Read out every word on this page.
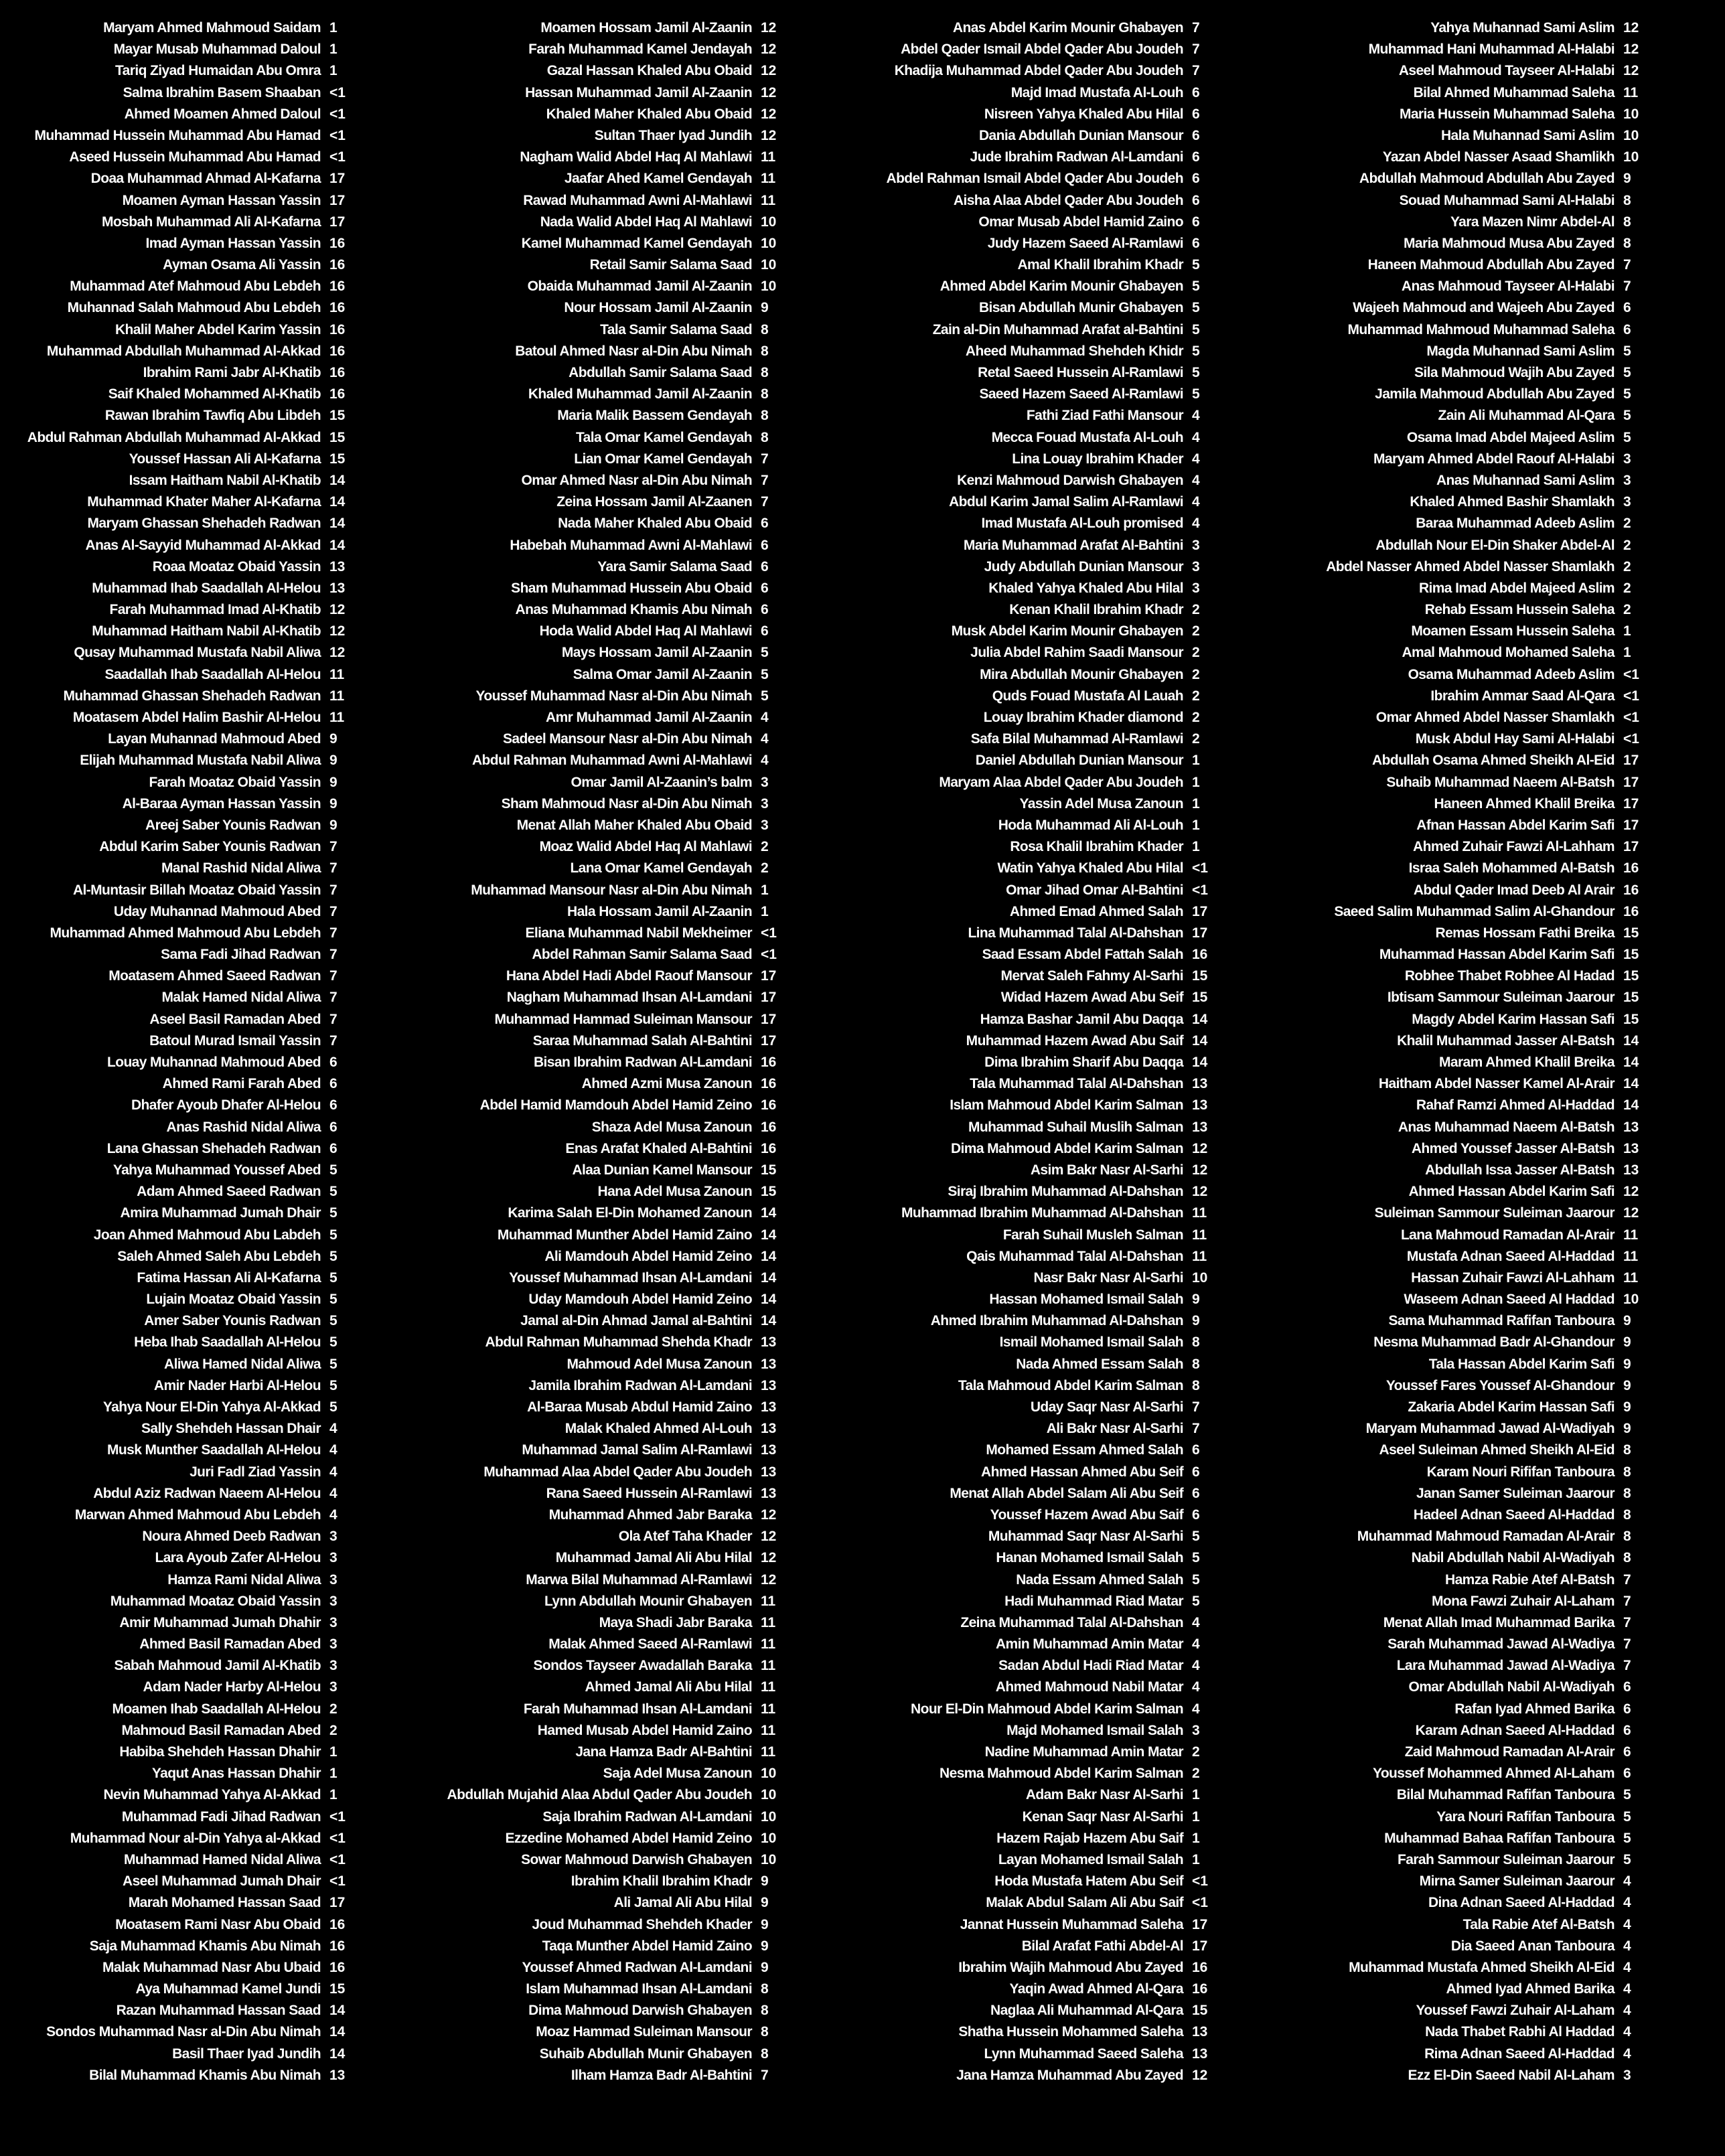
Maryam Ahmed Mahmoud Saidam 1
Mayar Musab Muhammad Daloul 1
Tariq Ziyad Humaidan Abu Omra 1
Salma Ibrahim Basem Shaaban <1
Ahmed Moamen Ahmed Daloul <1
Muhammad Hussein Muhammad Abu Hamad <1
Aseed Hussein Muhammad Abu Hamad <1
Doaa Muhammad Ahmad Al-Kafarna 17
Moamen Ayman Hassan Yassin 17
Mosbah Muhammad Ali Al-Kafarna 17
Imad Ayman Hassan Yassin 16
Ayman Osama Ali Yassin 16
Muhammad Atef Mahmoud Abu Lebdeh 16
Muhannad Salah Mahmoud Abu Lebdeh 16
Khalil Maher Abdel Karim Yassin 16
Muhammad Abdullah Muhammad Al-Akkad 16
Ibrahim Rami Jabr Al-Khatib 16
Saif Khaled Mohammed Al-Khatib 16
Rawan Ibrahim Tawfiq Abu Libdeh 15
Abdul Rahman Abdullah Muhammad Al-Akkad 15
Youssef Hassan Ali Al-Kafarna 15
Issam Haitham Nabil Al-Khatib 14
Muhammad Khater Maher Al-Kafarna 14
Maryam Ghassan Shehadeh Radwan 14
Anas Al-Sayyid Muhammad Al-Akkad 14
Roaa Moataz Obaid Yassin 13
Muhammad Ihab Saadallah Al-Helou 13
Farah Muhammad Imad Al-Khatib 12
Muhammad Haitham Nabil Al-Khatib 12
Qusay Muhammad Mustafa Nabil Aliwa 12
Saadallah Ihab Saadallah Al-Helou 11
Muhammad Ghassan Shehadeh Radwan 11
Moatasem Abdel Halim Bashir Al-Helou 11
Layan Muhannad Mahmoud Abed 9
Elijah Muhammad Mustafa Nabil Aliwa 9
Farah Moataz Obaid Yassin 9
Al-Baraa Ayman Hassan Yassin 9
Areej Saber Younis Radwan 9
Abdul Karim Saber Younis Radwan 7
Manal Rashid Nidal Aliwa 7
Al-Muntasir Billah Moataz Obaid Yassin 7
Uday Muhannad Mahmoud Abed 7
Muhammad Ahmed Mahmoud Abu Lebdeh 7
Sama Fadi Jihad Radwan 7
Moatasem Ahmed Saeed Radwan 7
Malak Hamed Nidal Aliwa 7
Aseel Basil Ramadan Abed 7
Batoul Murad Ismail Yassin 7
Louay Muhannad Mahmoud Abed 6
Ahmed Rami Farah Abed 6
Dhafer Ayoub Dhafer Al-Helou 6
Anas Rashid Nidal Aliwa 6
Lana Ghassan Shehadeh Radwan 6
Yahya Muhammad Youssef Abed 5
Adam Ahmed Saeed Radwan 5
Amira Muhammad Jumah Dhair 5
Joan Ahmed Mahmoud Abu Labdeh 5
Saleh Ahmed Saleh Abu Lebdeh 5
Fatima Hassan Ali Al-Kafarna 5
Lujain Moataz Obaid Yassin 5
Amer Saber Younis Radwan 5
Heba Ihab Saadallah Al-Helou 5
Aliwa Hamed Nidal Aliwa 5
Amir Nader Harbi Al-Helou 5
Yahya Nour El-Din Yahya Al-Akkad 5
Sally Shehdeh Hassan Dhair 4
Musk Munther Saadallah Al-Helou 4
Juri Fadl Ziad Yassin 4
Abdul Aziz Radwan Naeem Al-Helou 4
Marwan Ahmed Mahmoud Abu Lebdeh 4
Noura Ahmed Deeb Radwan 3
Lara Ayoub Zafer Al-Helou 3
Hamza Rami Nidal Aliwa 3
Muhammad Moataz Obaid Yassin 3
Amir Muhammad Jumah Dhahir 3
Ahmed Basil Ramadan Abed 3
Sabah Mahmoud Jamil Al-Khatib 3
Adam Nader Harby Al-Helou 3
Moamen Ihab Saadallah Al-Helou 2
Mahmoud Basil Ramadan Abed 2
Habiba Shehdeh Hassan Dhahir 1
Yaqut Anas Hassan Dhahir 1
Nevin Muhammad Yahya Al-Akkad 1
Muhammad Fadi Jihad Radwan <1
Muhammad Nour al-Din Yahya al-Akkad <1
Muhammad Hamed Nidal Aliwa <1
Aseel Muhammad Jumah Dhair <1
Marah Mohamed Hassan Saad 17
Moatasem Rami Nasr Abu Obaid 16
Saja Muhammad Khamis Abu Nimah 16
Malak Muhammad Nasr Abu Ubaid 16
Aya Muhammad Kamel Jundi 15
Razan Muhammad Hassan Saad 14
Sondos Muhammad Nasr al-Din Abu Nimah 14
Basil Thaer Iyad Jundih 14
Bilal Muhammad Khamis Abu Nimah 13
Moamen Hossam Jamil Al-Zaanin 12
Farah Muhammad Kamel Jendayah 12
Gazal Hassan Khaled Abu Obaid 12
Hassan Muhammad Jamil Al-Zaanin 12
Khaled Maher Khaled Abu Obaid 12
Sultan Thaer Iyad Jundih 12
Nagham Walid Abdel Haq Al Mahlawi 11
Jaafar Ahed Kamel Gendayah 11
Rawad Muhammad Awni Al-Mahlawi 11
Nada Walid Abdel Haq Al Mahlawi 10
Kamel Muhammad Kamel Gendayah 10
Retail Samir Salama Saad 10
Obaida Muhammad Jamil Al-Zaanin 10
Nour Hossam Jamil Al-Zaanin 9
Tala Samir Salama Saad 8
Batoul Ahmed Nasr al-Din Abu Nimah 8
Abdullah Samir Salama Saad 8
Khaled Muhammad Jamil Al-Zaanin 8
Maria Malik Bassem Gendayah 8
Tala Omar Kamel Gendayah 8
Lian Omar Kamel Gendayah 7
Omar Ahmed Nasr al-Din Abu Nimah 7
Zeina Hossam Jamil Al-Zaanen 7
Nada Maher Khaled Abu Obaid 6
Habebah Muhammad Awni Al-Mahlawi 6
Yara Samir Salama Saad 6
Sham Muhammad Hussein Abu Obaid 6
Anas Muhammad Khamis Abu Nimah 6
Hoda Walid Abdel Haq Al Mahlawi 6
Mays Hossam Jamil Al-Zaanin 5
Salma Omar Jamil Al-Zaanin 5
Youssef Muhammad Nasr al-Din Abu Nimah 5
Amr Muhammad Jamil Al-Zaanin 4
Sadeel Mansour Nasr al-Din Abu Nimah 4
Abdul Rahman Muhammad Awni Al-Mahlawi 4
Omar Jamil Al-Zaanin’s balm 3
Sham Mahmoud Nasr al-Din Abu Nimah 3
Menat Allah Maher Khaled Abu Obaid 3
Moaz Walid Abdel Haq Al Mahlawi 2
Lana Omar Kamel Gendayah 2
Muhammad Mansour Nasr al-Din Abu Nimah 1
Hala Hossam Jamil Al-Zaanin 1
Eliana Muhammad Nabil Mekheimer <1
Abdel Rahman Samir Salama Saad <1
Hana Abdel Hadi Abdel Raouf Mansour 17
Nagham Muhammad Ihsan Al-Lamdani 17
Muhammad Hammad Suleiman Mansour 17
Saraa Muhammad Salah Al-Bahtini 17
Bisan Ibrahim Radwan Al-Lamdani 16
Ahmed Azmi Musa Zanoun 16
Abdel Hamid Mamdouh Abdel Hamid Zeino 16
Shaza Adel Musa Zanoun 16
Enas Arafat Khaled Al-Bahtini 16
Alaa Dunian Kamel Mansour 15
Hana Adel Musa Zanoun 15
Karima Salah El-Din Mohamed Zanoun 14
Muhammad Munther Abdel Hamid Zaino 14
Ali Mamdouh Abdel Hamid Zeino 14
Youssef Muhammad Ihsan Al-Lamdani 14
Uday Mamdouh Abdel Hamid Zeino 14
Jamal al-Din Ahmad Jamal al-Bahtini 14
Abdul Rahman Muhammad Shehda Khadr 13
Mahmoud Adel Musa Zanoun 13
Jamila Ibrahim Radwan Al-Lamdani 13
Al-Baraa Musab Abdul Hamid Zaino 13
Malak Khaled Ahmed Al-Louh 13
Muhammad Jamal Salim Al-Ramlawi 13
Muhammad Alaa Abdel Qader Abu Joudeh 13
Rana Saeed Hussein Al-Ramlawi 13
Muhammad Ahmed Jabr Baraka 12
Ola Atef Taha Khader 12
Muhammad Jamal Ali Abu Hilal 12
Marwa Bilal Muhammad Al-Ramlawi 12
Lynn Abdullah Mounir Ghabayen 11
Maya Shadi Jabr Baraka 11
Malak Ahmed Saeed Al-Ramlawi 11
Sondos Tayseer Awadallah Baraka 11
Ahmed Jamal Ali Abu Hilal 11
Farah Muhammad Ihsan Al-Lamdani 11
Hamed Musab Abdel Hamid Zaino 11
Jana Hamza Badr Al-Bahtini 11
Saja Adel Musa Zanoun 10
Abdullah Mujahid Alaa Abdul Qader Abu Joudeh 10
Saja Ibrahim Radwan Al-Lamdani 10
Ezzedine Mohamed Abdel Hamid Zeino 10
Sowar Mahmoud Darwish Ghabayen 10
Ibrahim Khalil Ibrahim Khadr 9
Ali Jamal Ali Abu Hilal 9
Joud Muhammad Shehdeh Khader 9
Taqa Munther Abdel Hamid Zaino 9
Youssef Ahmed Radwan Al-Lamdani 9
Islam Muhammad Ihsan Al-Lamdani 8
Dima Mahmoud Darwish Ghabayen 8
Moaz Hammad Suleiman Mansour 8
Suhaib Abdullah Munir Ghabayen 8
Ilham Hamza Badr Al-Bahtini 7
Anas Abdel Karim Mounir Ghabayen 7
Abdel Qader Ismail Abdel Qader Abu Joudeh 7
Khadija Muhammad Abdel Qader Abu Joudeh 7
Majd Imad Mustafa Al-Louh 6
Nisreen Yahya Khaled Abu Hilal 6
Dania Abdullah Dunian Mansour 6
Jude Ibrahim Radwan Al-Lamdani 6
Abdel Rahman Ismail Abdel Qader Abu Joudeh 6
Aisha Alaa Abdel Qader Abu Joudeh 6
Omar Musab Abdel Hamid Zaino 6
Judy Hazem Saeed Al-Ramlawi 6
Amal Khalil Ibrahim Khadr 5
Ahmed Abdel Karim Mounir Ghabayen 5
Bisan Abdullah Munir Ghabayen 5
Zain al-Din Muhammad Arafat al-Bahtini 5
Aheed Muhammad Shehdeh Khidr 5
Retal Saeed Hussein Al-Ramlawi 5
Saeed Hazem Saeed Al-Ramlawi 5
Fathi Ziad Fathi Mansour 4
Mecca Fouad Mustafa Al-Louh 4
Lina Louay Ibrahim Khader 4
Kenzi Mahmoud Darwish Ghabayen 4
Abdul Karim Jamal Salim Al-Ramlawi 4
Imad Mustafa Al-Louh promised 4
Maria Muhammad Arafat Al-Bahtini 3
Judy Abdullah Dunian Mansour 3
Khaled Yahya Khaled Abu Hilal 3
Kenan Khalil Ibrahim Khadr 2
Musk Abdel Karim Mounir Ghabayen 2
Julia Abdel Rahim Saadi Mansour 2
Mira Abdullah Mounir Ghabayen 2
Quds Fouad Mustafa Al Lauah 2
Louay Ibrahim Khader diamond 2
Safa Bilal Muhammad Al-Ramlawi 2
Daniel Abdullah Dunian Mansour 1
Maryam Alaa Abdel Qader Abu Joudeh 1
Yassin Adel Musa Zanoun 1
Hoda Muhammad Ali Al-Louh 1
Rosa Khalil Ibrahim Khader 1
Watin Yahya Khaled Abu Hilal <1
Omar Jihad Omar Al-Bahtini <1
Ahmed Emad Ahmed Salah 17
Lina Muhammad Talal Al-Dahshan 17
Saad Essam Abdel Fattah Salah 16
Mervat Saleh Fahmy Al-Sarhi 15
Widad Hazem Awad Abu Seif 15
Hamza Bashar Jamil Abu Daqqa 14
Muhammad Hazem Awad Abu Saif 14
Dima Ibrahim Sharif Abu Daqqa 14
Tala Muhammad Talal Al-Dahshan 13
Islam Mahmoud Abdel Karim Salman 13
Muhammad Suhail Muslih Salman 13
Dima Mahmoud Abdel Karim Salman 12
Asim Bakr Nasr Al-Sarhi 12
Siraj Ibrahim Muhammad Al-Dahshan 12
Muhammad Ibrahim Muhammad Al-Dahshan 11
Farah Suhail Musleh Salman 11
Qais Muhammad Talal Al-Dahshan 11
Nasr Bakr Nasr Al-Sarhi 10
Hassan Mohamed Ismail Salah 9
Ahmed Ibrahim Muhammad Al-Dahshan 9
Ismail Mohamed Ismail Salah 8
Nada Ahmed Essam Salah 8
Tala Mahmoud Abdel Karim Salman 8
Uday Saqr Nasr Al-Sarhi 7
Ali Bakr Nasr Al-Sarhi 7
Mohamed Essam Ahmed Salah 6
Ahmed Hassan Ahmed Abu Seif 6
Menat Allah Abdel Salam Ali Abu Seif 6
Youssef Hazem Awad Abu Saif 6
Muhammad Saqr Nasr Al-Sarhi 5
Hanan Mohamed Ismail Salah 5
Nada Essam Ahmed Salah 5
Hadi Muhammad Riad Matar 5
Zeina Muhammad Talal Al-Dahshan 4
Amin Muhammad Amin Matar 4
Sadan Abdul Hadi Riad Matar 4
Ahmed Mahmoud Nabil Matar 4
Nour El-Din Mahmoud Abdel Karim Salman 4
Majd Mohamed Ismail Salah 3
Nadine Muhammad Amin Matar 2
Nesma Mahmoud Abdel Karim Salman 2
Adam Bakr Nasr Al-Sarhi 1
Kenan Saqr Nasr Al-Sarhi 1
Hazem Rajab Hazem Abu Saif 1
Layan Mohamed Ismail Salah 1
Hoda Mustafa Hatem Abu Seif <1
Malak Abdul Salam Ali Abu Saif <1
Jannat Hussein Muhammad Saleha 17
Bilal Arafat Fathi Abdel-Al 17
Ibrahim Wajih Mahmoud Abu Zayed 16
Yaqin Awad Ahmed Al-Qara 16
Naglaa Ali Muhammad Al-Qara 15
Shatha Hussein Mohammed Saleha 13
Lynn Muhammad Saeed Saleha 13
Jana Hamza Muhammad Abu Zayed 12
Yahya Muhannad Sami Aslim 12
Muhammad Hani Muhammad Al-Halabi 12
Aseel Mahmoud Tayseer Al-Halabi 12
Bilal Ahmed Muhammad Saleha 11
Maria Hussein Muhammad Saleha 10
Hala Muhannad Sami Aslim 10
Yazan Abdel Nasser Asaad Shamlikh 10
Abdullah Mahmoud Abdullah Abu Zayed 9
Souad Muhammad Sami Al-Halabi 8
Yara Mazen Nimr Abdel-Al 8
Maria Mahmoud Musa Abu Zayed 8
Haneen Mahmoud Abdullah Abu Zayed 7
Anas Mahmoud Tayseer Al-Halabi 7
Wajeeh Mahmoud and Wajeeh Abu Zayed 6
Muhammad Mahmoud Muhammad Saleha 6
Magda Muhannad Sami Aslim 5
Sila Mahmoud Wajih Abu Zayed 5
Jamila Mahmoud Abdullah Abu Zayed 5
Zain Ali Muhammad Al-Qara 5
Osama Imad Abdel Majeed Aslim 5
Maryam Ahmed Abdel Raouf Al-Halabi 3
Anas Muhannad Sami Aslim 3
Khaled Ahmed Bashir Shamlakh 3
Baraa Muhammad Adeeb Aslim 2
Abdullah Nour El-Din Shaker Abdel-Al 2
Abdel Nasser Ahmed Abdel Nasser Shamlakh 2
Rima Imad Abdel Majeed Aslim 2
Rehab Essam Hussein Saleha 2
Moamen Essam Hussein Saleha 1
Amal Mahmoud Mohamed Saleha 1
Osama Muhammad Adeeb Aslim <1
Ibrahim Ammar Saad Al-Qara <1
Omar Ahmed Abdel Nasser Shamlakh <1
Musk Abdul Hay Sami Al-Halabi <1
Abdullah Osama Ahmed Sheikh Al-Eid 17
Suhaib Muhammad Naeem Al-Batsh 17
Haneen Ahmed Khalil Breika 17
Afnan Hassan Abdel Karim Safi 17
Ahmed Zuhair Fawzi Al-Lahham 17
Israa Saleh Mohammed Al-Batsh 16
Abdul Qader Imad Deeb Al Arair 16
Saeed Salim Muhammad Salim Al-Ghandour 16
Remas Hossam Fathi Breika 15
Muhammad Hassan Abdel Karim Safi 15
Robhee Thabet Robhee Al Hadad 15
Ibtisam Sammour Suleiman Jaarour 15
Magdy Abdel Karim Hassan Safi 15
Khalil Muhammad Jasser Al-Batsh 14
Maram Ahmed Khalil Breika 14
Haitham Abdel Nasser Kamel Al-Arair 14
Rahaf Ramzi Ahmed Al-Haddad 14
Anas Muhammad Naeem Al-Batsh 13
Ahmed Youssef Jasser Al-Batsh 13
Abdullah Issa Jasser Al-Batsh 13
Ahmed Hassan Abdel Karim Safi 12
Suleiman Sammour Suleiman Jaarour 12
Lana Mahmoud Ramadan Al-Arair 11
Mustafa Adnan Saeed Al-Haddad 11
Hassan Zuhair Fawzi Al-Lahham 11
Waseem Adnan Saeed Al Haddad 10
Sama Muhammad Rafifan Tanboura 9
Nesma Muhammad Badr Al-Ghandour 9
Tala Hassan Abdel Karim Safi 9
Youssef Fares Youssef Al-Ghandour 9
Zakaria Abdel Karim Hassan Safi 9
Maryam Muhammad Jawad Al-Wadiyah 9
Aseel Suleiman Ahmed Sheikh Al-Eid 8
Karam Nouri Rififan Tanboura 8
Janan Samer Suleiman Jaarour 8
Hadeel Adnan Saeed Al-Haddad 8
Muhammad Mahmoud Ramadan Al-Arair 8
Nabil Abdullah Nabil Al-Wadiyah 8
Hamza Rabie Atef Al-Batsh 7
Mona Fawzi Zuhair Al-Laham 7
Menat Allah Imad Muhammad Barika 7
Sarah Muhammad Jawad Al-Wadiya 7
Lara Muhammad Jawad Al-Wadiya 7
Omar Abdullah Nabil Al-Wadiyah 6
Rafan Iyad Ahmed Barika 6
Karam Adnan Saeed Al-Haddad 6
Zaid Mahmoud Ramadan Al-Arair 6
Youssef Mohammed Ahmed Al-Laham 6
Bilal Muhammad Rafifan Tanboura 5
Yara Nouri Rafifan Tanboura 5
Muhammad Bahaa Rafifan Tanboura 5
Farah Sammour Suleiman Jaarour 5
Mirna Samer Suleiman Jaarour 4
Dina Adnan Saeed Al-Haddad 4
Tala Rabie Atef Al-Batsh 4
Dia Saeed Anan Tanboura 4
Muhammad Mustafa Ahmed Sheikh Al-Eid 4
Ahmed Iyad Ahmed Barika 4
Youssef Fawzi Zuhair Al-Laham 4
Nada Thabet Rabhi Al Haddad 4
Rima Adnan Saeed Al-Haddad 4
Ezz El-Din Saeed Nabil Al-Laham 3
